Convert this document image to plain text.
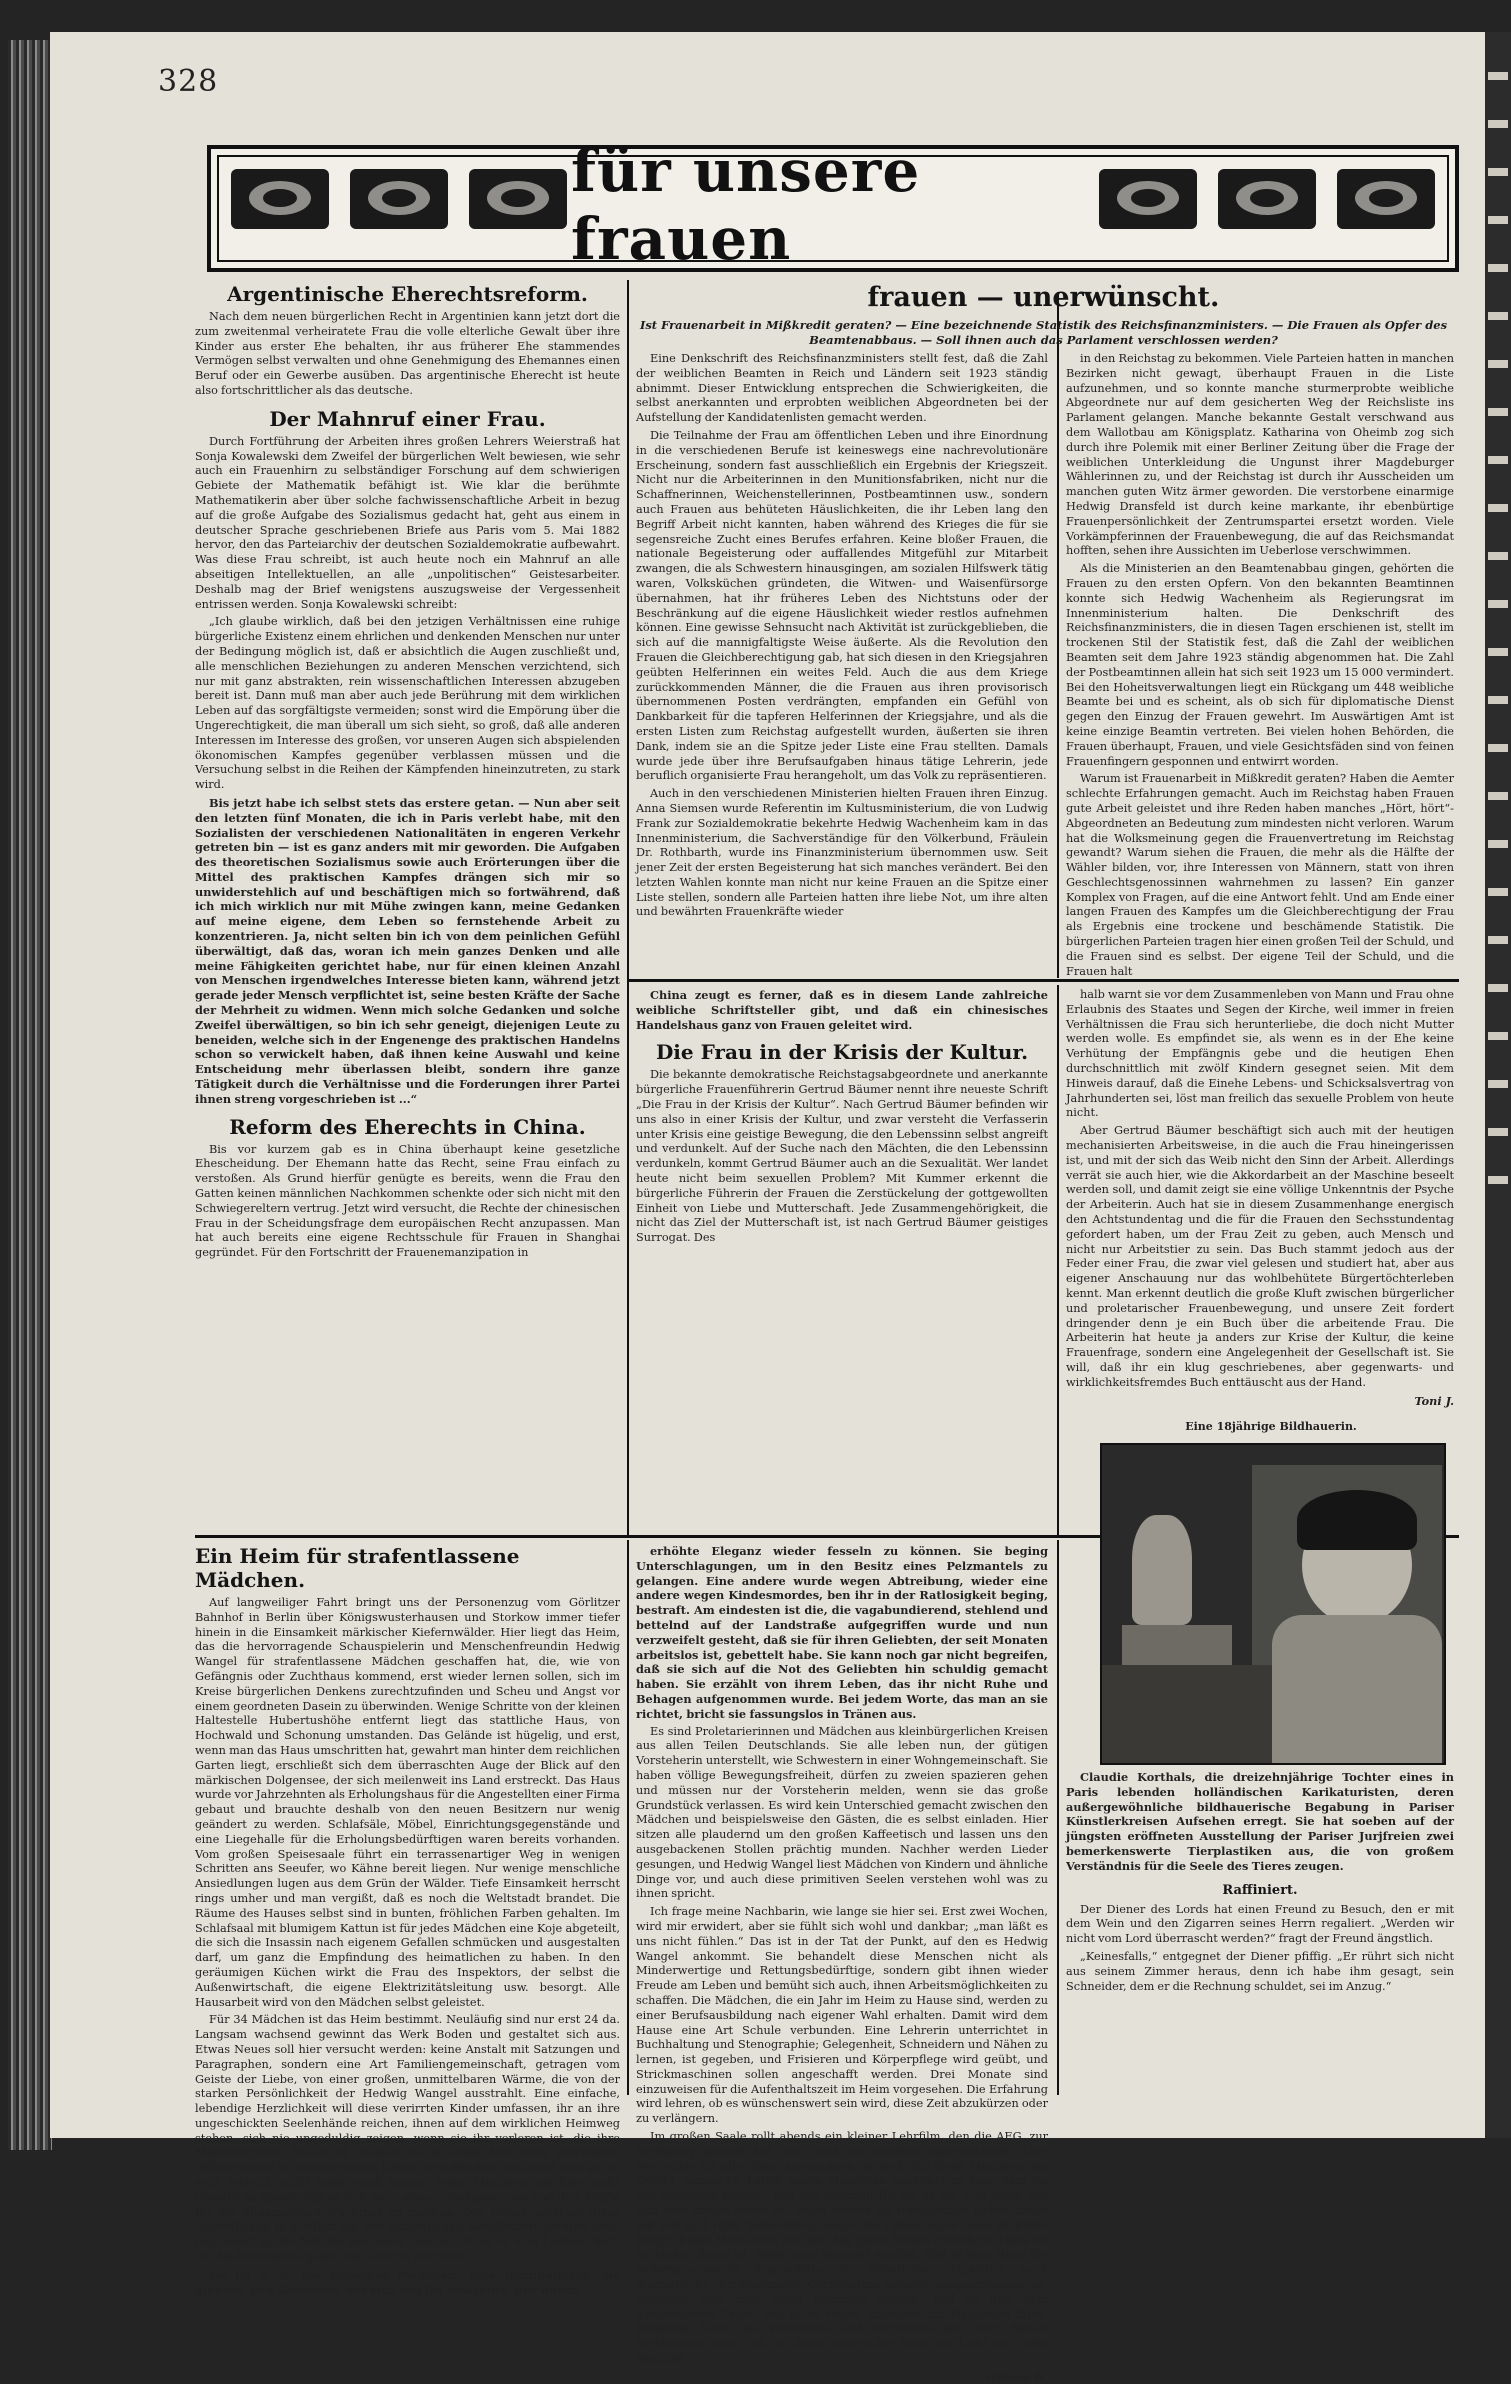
328
für unsere frauen
Argentinische Eherechtsreform.

Nach dem neuen bürgerlichen Recht in Argentinien kann jetzt dort die zum zweitenmal verheiratete Frau die volle elterliche Gewalt über ihre Kinder aus erster Ehe behalten, ihr aus früherer Ehe stammendes Vermögen selbst verwalten und ohne Genehmigung des Ehemannes einen Beruf oder ein Gewerbe ausüben. Das argentinische Eherecht ist heute also fortschrittlicher als das deutsche.

Der Mahnruf einer Frau.

Durch Fortführung der Arbeiten ihres großen Lehrers Weierstraß hat Sonja Kowalewski dem Zweifel der bürgerlichen Welt bewiesen, wie sehr auch ein Frauenhirn zu selbständiger Forschung auf dem schwierigen Gebiete der Mathematik befähigt ist. Wie klar die berühmte Mathematikerin aber über solche fachwissenschaftliche Arbeit in bezug auf die große Aufgabe des Sozialismus gedacht hat, geht aus einem in deutscher Sprache geschriebenen Briefe aus Paris vom 5. Mai 1882 hervor, den das Parteiarchiv der deutschen Sozialdemokratie aufbewahrt. Was diese Frau schreibt, ist auch heute noch ein Mahnruf an alle abseitigen Intellektuellen, an alle „unpolitischen“ Geistesarbeiter. Deshalb mag der Brief wenigstens auszugsweise der Vergessenheit entrissen werden. Sonja Kowalewski schreibt:

„Ich glaube wirklich, daß bei den jetzigen Verhältnissen eine ruhige bürgerliche Existenz einem ehrlichen und denkenden Menschen nur unter der Bedingung möglich ist, daß er absichtlich die Augen zuschließt und, alle menschlichen Beziehungen zu anderen Menschen verzichtend, sich nur mit ganz abstrakten, rein wissenschaftlichen Interessen abzugeben bereit ist. Dann muß man aber auch jede Berührung mit dem wirklichen Leben auf das sorgfältigste vermeiden; sonst wird die Empörung über die Ungerechtigkeit, die man überall um sich sieht, so groß, daß alle anderen Interessen im Interesse des großen, vor unseren Augen sich abspielenden ökonomischen Kampfes gegenüber verblassen müssen und die Versuchung selbst in die Reihen der Kämpfenden hineinzutreten, zu stark wird.

Bis jetzt habe ich selbst stets das erstere getan. — Nun aber seit den letzten fünf Monaten, die ich in Paris verlebt habe, mit den Sozialisten der verschiedenen Nationalitäten in engeren Verkehr getreten bin — ist es ganz anders mit mir geworden. Die Aufgaben des theoretischen Sozialismus sowie auch Erörterungen über die Mittel des praktischen Kampfes drängen sich mir so unwiderstehlich auf und beschäftigen mich so fortwährend, daß ich mich wirklich nur mit Mühe zwingen kann, meine Gedanken auf meine eigene, dem Leben so fernstehende Arbeit zu konzentrieren. Ja, nicht selten bin ich von dem peinlichen Gefühl überwältigt, daß das, woran ich mein ganzes Denken und alle meine Fähigkeiten gerichtet habe, nur für einen kleinen Anzahl von Menschen irgendwelches Interesse bieten kann, während jetzt gerade jeder Mensch verpflichtet ist, seine besten Kräfte der Sache der Mehrheit zu widmen. Wenn mich solche Gedanken und solche Zweifel überwältigen, so bin ich sehr geneigt, diejenigen Leute zu beneiden, welche sich in der Engenenge des praktischen Handelns schon so verwickelt haben, daß ihnen keine Auswahl und keine Entscheidung mehr überlassen bleibt, sondern ihre ganze Tätigkeit durch die Verhältnisse und die Forderungen ihrer Partei ihnen streng vorgeschrieben ist ...“

Reform des Eherechts in China.

Bis vor kurzem gab es in China überhaupt keine gesetzliche Ehescheidung. Der Ehemann hatte das Recht, seine Frau einfach zu verstoßen. Als Grund hierfür genügte es bereits, wenn die Frau den Gatten keinen männlichen Nachkommen schenkte oder sich nicht mit den Schwiegereltern vertrug. Jetzt wird versucht, die Rechte der chinesischen Frau in der Scheidungsfrage dem europäischen Recht anzupassen. Man hat auch bereits eine eigene Rechtsschule für Frauen in Shanghai gegründet. Für den Fortschritt der Frauenemanzipation in

frauen — unerwünscht.
Ist Frauenarbeit in Mißkredit geraten? — Eine bezeichnende Statistik des Reichsfinanzministers. — Die Frauen als Opfer des Beamtenabbaus. — Soll ihnen auch das Parlament verschlossen werden?

Eine Denkschrift des Reichsfinanzministers stellt fest, daß die Zahl der weiblichen Beamten in Reich und Ländern seit 1923 ständig abnimmt. Dieser Entwicklung entsprechen die Schwierigkeiten, die selbst anerkannten und erprobten weiblichen Abgeordneten bei der Aufstellung der Kandidatenlisten gemacht werden.

Die Teilnahme der Frau am öffentlichen Leben und ihre Einordnung in die verschiedenen Berufe ist keineswegs eine nachrevolutionäre Erscheinung, sondern fast ausschließlich ein Ergebnis der Kriegszeit. Nicht nur die Arbeiterinnen in den Munitionsfabriken, nicht nur die Schaffnerinnen, Weichenstellerinnen, Postbeamtinnen usw., sondern auch Frauen aus behüteten Häuslichkeiten, die ihr Leben lang den Begriff Arbeit nicht kannten, haben während des Krieges die für sie segensreiche Zucht eines Berufes erfahren. Keine bloßer Frauen, die nationale Begeisterung oder auffallendes Mitgefühl zur Mitarbeit zwangen, die als Schwestern hinausgingen, am sozialen Hilfswerk tätig waren, Volksküchen gründeten, die Witwen- und Waisenfürsorge übernahmen, hat ihr früheres Leben des Nichtstuns oder der Beschränkung auf die eigene Häuslichkeit wieder restlos aufnehmen können. Eine gewisse Sehnsucht nach Aktivität ist zurückgeblieben, die sich auf die mannigfaltigste Weise äußerte. Als die Revolution den Frauen die Gleichberechtigung gab, hat sich diesen in den Kriegsjahren geübten Helferinnen ein weites Feld. Auch die aus dem Kriege zurückkommenden Männer, die die Frauen aus ihren provisorisch übernommenen Posten verdrängten, empfanden ein Gefühl von Dankbarkeit für die tapferen Helferinnen der Kriegsjahre, und als die ersten Listen zum Reichstag aufgestellt wurden, äußerten sie ihren Dank, indem sie an die Spitze jeder Liste eine Frau stellten. Damals wurde jede über ihre Berufsaufgaben hinaus tätige Lehrerin, jede beruflich organisierte Frau herangeholt, um das Volk zu repräsentieren.

Auch in den verschiedenen Ministerien hielten Frauen ihren Einzug. Anna Siemsen wurde Referentin im Kultusministerium, die von Ludwig Frank zur Sozialdemokratie bekehrte Hedwig Wachenheim kam in das Innenministerium, die Sachverständige für den Völkerbund, Fräulein Dr. Rothbarth, wurde ins Finanzministerium übernommen usw. Seit jener Zeit der ersten Begeisterung hat sich manches verändert. Bei den letzten Wahlen konnte man nicht nur keine Frauen an die Spitze einer Liste stellen, sondern alle Parteien hatten ihre liebe Not, um ihre alten und bewährten Frauenkräfte wieder

in den Reichstag zu bekommen. Viele Parteien hatten in manchen Bezirken nicht gewagt, überhaupt Frauen in die Liste aufzunehmen, und so konnte manche sturmerprobte weibliche Abgeordnete nur auf dem gesicherten Weg der Reichsliste ins Parlament gelangen. Manche bekannte Gestalt verschwand aus dem Wallotbau am Königsplatz. Katharina von Oheimb zog sich durch ihre Polemik mit einer Berliner Zeitung über die Frage der weiblichen Unterkleidung die Ungunst ihrer Magdeburger Wählerinnen zu, und der Reichstag ist durch ihr Ausscheiden um manchen guten Witz ärmer geworden. Die verstorbene einarmige Hedwig Dransfeld ist durch keine markante, ihr ebenbürtige Frauenpersönlichkeit der Zentrumspartei ersetzt worden. Viele Vorkämpferinnen der Frauenbewegung, die auf das Reichsmandat hofften, sehen ihre Aussichten im Ueberlose verschwimmen.

Als die Ministerien an den Beamtenabbau gingen, gehörten die Frauen zu den ersten Opfern. Von den bekannten Beamtinnen konnte sich Hedwig Wachenheim als Regierungsrat im Innenministerium halten. Die Denkschrift des Reichsfinanzministers, die in diesen Tagen erschienen ist, stellt im trockenen Stil der Statistik fest, daß die Zahl der weiblichen Beamten seit dem Jahre 1923 ständig abgenommen hat. Die Zahl der Postbeamtinnen allein hat sich seit 1923 um 15 000 vermindert. Bei den Hoheitsverwaltungen liegt ein Rückgang um 448 weibliche Beamte bei und es scheint, als ob sich für diplomatische Dienst gegen den Einzug der Frauen gewehrt. Im Auswärtigen Amt ist keine einzige Beamtin vertreten. Bei vielen hohen Behörden, die Frauen überhaupt, Frauen, und viele Gesichtsfäden sind von feinen Frauenfingern gesponnen und entwirrt worden.

Warum ist Frauenarbeit in Mißkredit geraten? Haben die Aemter schlechte Erfahrungen gemacht. Auch im Reichstag haben Frauen gute Arbeit geleistet und ihre Reden haben manches „Hört, hört“-Abgeordneten an Bedeutung zum mindesten nicht verloren. Warum hat die Wolksmeinung gegen die Frauenvertretung im Reichstag gewandt? Warum siehen die Frauen, die mehr als die Hälfte der Wähler bilden, vor, ihre Interessen von Männern, statt von ihren Geschlechtsgenossinnen wahrnehmen zu lassen? Ein ganzer Komplex von Fragen, auf die eine Antwort fehlt. Und am Ende einer langen Frauen des Kampfes um die Gleichberechtigung der Frau als Ergebnis eine trockene und beschämende Statistik. Die bürgerlichen Parteien tragen hier einen großen Teil der Schuld, und die Frauen sind es selbst. Der eigene Teil der Schuld, und die Frauen halt

China zeugt es ferner, daß es in diesem Lande zahlreiche weibliche Schriftsteller gibt, und daß ein chinesisches Handelshaus ganz von Frauen geleitet wird.

Die Frau in der Krisis der Kultur.

Die bekannte demokratische Reichstagsabgeordnete und anerkannte bürgerliche Frauenführerin Gertrud Bäumer nennt ihre neueste Schrift „Die Frau in der Krisis der Kultur“. Nach Gertrud Bäumer befinden wir uns also in einer Krisis der Kultur, und zwar versteht die Verfasserin unter Krisis eine geistige Bewegung, die den Lebenssinn selbst angreift und verdunkelt. Auf der Suche nach den Mächten, die den Lebenssinn verdunkeln, kommt Gertrud Bäumer auch an die Sexualität. Wer landet heute nicht beim sexuellen Problem? Mit Kummer erkennt die bürgerliche Führerin der Frauen die Zerstückelung der gottgewollten Einheit von Liebe und Mutterschaft. Jede Zusammengehörigkeit, die nicht das Ziel der Mutterschaft ist, ist nach Gertrud Bäumer geistiges Surrogat. Des

halb warnt sie vor dem Zusammenleben von Mann und Frau ohne Erlaubnis des Staates und Segen der Kirche, weil immer in freien Verhältnissen die Frau sich herunterliebe, die doch nicht Mutter werden wolle. Es empfindet sie, als wenn es in der Ehe keine Verhütung der Empfängnis gebe und die heutigen Ehen durchschnittlich mit zwölf Kindern gesegnet seien. Mit dem Hinweis darauf, daß die Einehe Lebens- und Schicksalsvertrag von Jahrhunderten sei, löst man freilich das sexuelle Problem von heute nicht.

Aber Gertrud Bäumer beschäftigt sich auch mit der heutigen mechanisierten Arbeitsweise, in die auch die Frau hineingerissen ist, und mit der sich das Weib nicht den Sinn der Arbeit. Allerdings verrät sie auch hier, wie die Akkordarbeit an der Maschine beseelt werden soll, und damit zeigt sie eine völlige Unkenntnis der Psyche der Arbeiterin. Auch hat sie in diesem Zusammenhange energisch den Achtstundentag und die für die Frauen den Sechsstundentag gefordert haben, um der Frau Zeit zu geben, auch Mensch und nicht nur Arbeitstier zu sein. Das Buch stammt jedoch aus der Feder einer Frau, die zwar viel gelesen und studiert hat, aber aus eigener Anschauung nur das wohlbehütete Bürgertöchterleben kennt. Man erkennt deutlich die große Kluft zwischen bürgerlicher und proletarischer Frauenbewegung, und unsere Zeit fordert dringender denn je ein Buch über die arbeitende Frau. Die Arbeiterin hat heute ja anders zur Krise der Kultur, die keine Frauenfrage, sondern eine Angelegenheit der Gesellschaft ist. Sie will, daß ihr ein klug geschriebenes, aber gegenwarts- und wirklichkeitsfremdes Buch enttäuscht aus der Hand.

Toni J.
Ein Heim für strafentlassene Mädchen.

Auf langweiliger Fahrt bringt uns der Personenzug vom Görlitzer Bahnhof in Berlin über Königswusterhausen und Storkow immer tiefer hinein in die Einsamkeit märkischer Kiefernwälder. Hier liegt das Heim, das die hervorragende Schauspielerin und Menschenfreundin Hedwig Wangel für strafentlassene Mädchen geschaffen hat, die, wie von Gefängnis oder Zuchthaus kommend, erst wieder lernen sollen, sich im Kreise bürgerlichen Denkens zurechtzufinden und Scheu und Angst vor einem geordneten Dasein zu überwinden. Wenige Schritte von der kleinen Haltestelle Hubertushöhe entfernt liegt das stattliche Haus, von Hochwald und Schonung umstanden. Das Gelände ist hügelig, und erst, wenn man das Haus umschritten hat, gewahrt man hinter dem reichlichen Garten liegt, erschließt sich dem überraschten Auge der Blick auf den märkischen Dolgensee, der sich meilenweit ins Land erstreckt. Das Haus wurde vor Jahrzehnten als Erholungshaus für die Angestellten einer Firma gebaut und brauchte deshalb von den neuen Besitzern nur wenig geändert zu werden. Schlafsäle, Möbel, Einrichtungsgegenstände und eine Liegehalle für die Erholungsbedürftigen waren bereits vorhanden. Vom großen Speisesaale führt ein terrassenartiger Weg in wenigen Schritten ans Seeufer, wo Kähne bereit liegen. Nur wenige menschliche Ansiedlungen lugen aus dem Grün der Wälder. Tiefe Einsamkeit herrscht rings umher und man vergißt, daß es noch die Weltstadt brandet. Die Räume des Hauses selbst sind in bunten, fröhlichen Farben gehalten. Im Schlafsaal mit blumigem Kattun ist für jedes Mädchen eine Koje abgeteilt, die sich die Insassin nach eigenem Gefallen schmücken und ausgestalten darf, um ganz die Empfindung des heimatlichen zu haben. In den geräumigen Küchen wirkt die Frau des Inspektors, der selbst die Außenwirtschaft, die eigene Elektrizitätsleitung usw. besorgt. Alle Hausarbeit wird von den Mädchen selbst geleistet.

Für 34 Mädchen ist das Heim bestimmt. Neuläufig sind nur erst 24 da. Langsam wachsend gewinnt das Werk Boden und gestaltet sich aus. Etwas Neues soll hier versucht werden: keine Anstalt mit Satzungen und Paragraphen, sondern eine Art Familiengemeinschaft, getragen vom Geiste der Liebe, von einer großen, unmittelbaren Wärme, die von der starken Persönlichkeit der Hedwig Wangel ausstrahlt. Eine einfache, lebendige Herzlichkeit will diese verirrten Kinder umfassen, ihr an ihre ungeschickten Seelenhände reichen, ihnen auf dem wirklichen Heimweg stehen, sich nie ungeduldig zeigen, wenn sie ihr verloren ist, die ihre Menschlichkeit. Vielleicht müssen sie in einen Arm ihrer erkrankten Willen wieder in ein geordnetes Leben zurückfinden. Vielleicht sind sie zu sehr verletzt, nicht mehr stark genug. Jedes Mädchen soll hier mehr Gewähr zu finden, daß es sich den Leben zurückgewinnen und ihre Kräfte für die Allgemeinheit fruchtbar zu machen. Der Grund, weshalb diese Jugendlichen in Konflikt mit der bürgerlichen Gesellschaft geraten sind, liegt meist in der Not des sexuellen Lebens. Oft ist es eine Leidenschaft, die die betreffende gegen die Gesetze verführte.

Da ist z. B. ein hübsches Mädchen, eine Buchhalterin, die glaubte, den Geliebten, der sich von ihr abwandte, nur durch

erhöhte Eleganz wieder fesseln zu können. Sie beging Unterschlagungen, um in den Besitz eines Pelzmantels zu gelangen. Eine andere wurde wegen Abtreibung, wieder eine andere wegen Kindesmordes, ben ihr in der Ratlosigkeit beging, bestraft. Am eindesten ist die, die vagabundierend, stehlend und bettelnd auf der Landstraße aufgegriffen wurde und nun verzweifelt gesteht, daß sie für ihren Geliebten, der seit Monaten arbeitslos ist, gebettelt habe. Sie kann noch gar nicht begreifen, daß sie sich auf die Not des Geliebten hin schuldig gemacht haben. Sie erzählt von ihrem Leben, das ihr nicht Ruhe und Behagen aufgenommen wurde. Bei jedem Worte, das man an sie richtet, bricht sie fassungslos in Tränen aus.

Es sind Proletarierinnen und Mädchen aus kleinbürgerlichen Kreisen aus allen Teilen Deutschlands. Sie alle leben nun, der gütigen Vorsteherin unterstellt, wie Schwestern in einer Wohngemeinschaft. Sie haben völlige Bewegungsfreiheit, dürfen zu zweien spazieren gehen und müssen nur der Vorsteherin melden, wenn sie das große Grundstück verlassen. Es wird kein Unterschied gemacht zwischen den Mädchen und beispielsweise den Gästen, die es selbst einladen. Hier sitzen alle plaudernd um den großen Kaffeetisch und lassen uns den ausgebackenen Stollen prächtig munden. Nachher werden Lieder gesungen, und Hedwig Wangel liest Mädchen von Kindern und ähnliche Dinge vor, und auch diese primitiven Seelen verstehen wohl was zu ihnen spricht.

Ich frage meine Nachbarin, wie lange sie hier sei. Erst zwei Wochen, wird mir erwidert, aber sie fühlt sich wohl und dankbar; „man läßt es uns nicht fühlen.“ Das ist in der Tat der Punkt, auf den es Hedwig Wangel ankommt. Sie behandelt diese Menschen nicht als Minderwertige und Rettungsbedürftige, sondern gibt ihnen wieder Freude am Leben und bemüht sich auch, ihnen Arbeitsmöglichkeiten zu schaffen. Die Mädchen, die ein Jahr im Heim zu Hause sind, werden zu einer Berufsausbildung nach eigener Wahl erhalten. Damit wird dem Hause eine Art Schule verbunden. Eine Lehrerin unterrichtet in Buchhaltung und Stenographie; Gelegenheit, Schneidern und Nähen zu lernen, ist gegeben, und Frisieren und Körperpflege wird geübt, und Strickmaschinen sollen angeschafft werden. Drei Monate sind einzuweisen für die Aufenthaltszeit im Heim vorgesehen. Die Erfahrung wird lehren, ob es wünschenswert sein wird, diese Zeit abzukürzen oder zu verlängern.

Im großen Saale rollt abends ein kleiner Lehrfilm, den die AEG. zur Verfügung gestellt hat, und wird der zweiten Tageswechselt. Aber wertvoller als alle diese Anregungen ist doch für diese Mädchen das Gefühl, einmal im Leben einem Menschen begegnet zu sein, dem sie voll vertrauen können, und der jederzeit für sie da ist. Und jeder, der sich dort immer bereit ist, ihnen wieder ein freundlicher Helfer, ihnen mit Rat und Hilfe beizustehen, wenn das Leben ihnen neue Konflikte bringt. Einen Menschen, bei dem das ganze Wesen christliche Liebe ist im besten Sinne ist. Dabei mag bemerkt werden, daß in dem Heim die widerspruchsvolle Atmosphäre der christlichen Anstalten, auch dogmatische, konfessionelle Christentum absolut ausgeschlossen ist. Nirgends hört man einen frommen Spruch, und es gibt kein gemeinsames Gebet, das in so vielen Anstalten zur Heuchelei führt. Einfacher Geist des Verstehens und Vertrauens gibt auch diesen Verlassenen einen Ort, wo ihnen wahrhaftes Heim das Licht der Liebe leuchtet.

Helene B.
Eine 18jährige Bildhauerin.

Claudie Korthals, die dreizehnjährige Tochter eines in Paris lebenden holländischen Karikaturisten, deren außergewöhnliche bildhauerische Begabung in Pariser Künstlerkreisen Aufsehen erregt. Sie hat soeben auf der jüngsten eröffneten Ausstellung der Pariser Jurjfreien zwei bemerkenswerte Tierplastiken aus, die von großem Verständnis für die Seele des Tieres zeugen.

Raffiniert.

Der Diener des Lords hat einen Freund zu Besuch, den er mit dem Wein und den Zigarren seines Herrn regaliert. „Werden wir nicht vom Lord überrascht werden?“ fragt der Freund ängstlich.

„Keinesfalls,“ entgegnet der Diener pfiffig. „Er rührt sich nicht aus seinem Zimmer heraus, denn ich habe ihm gesagt, sein Schneider, dem er die Rechnung schuldet, sei im Anzug.“
